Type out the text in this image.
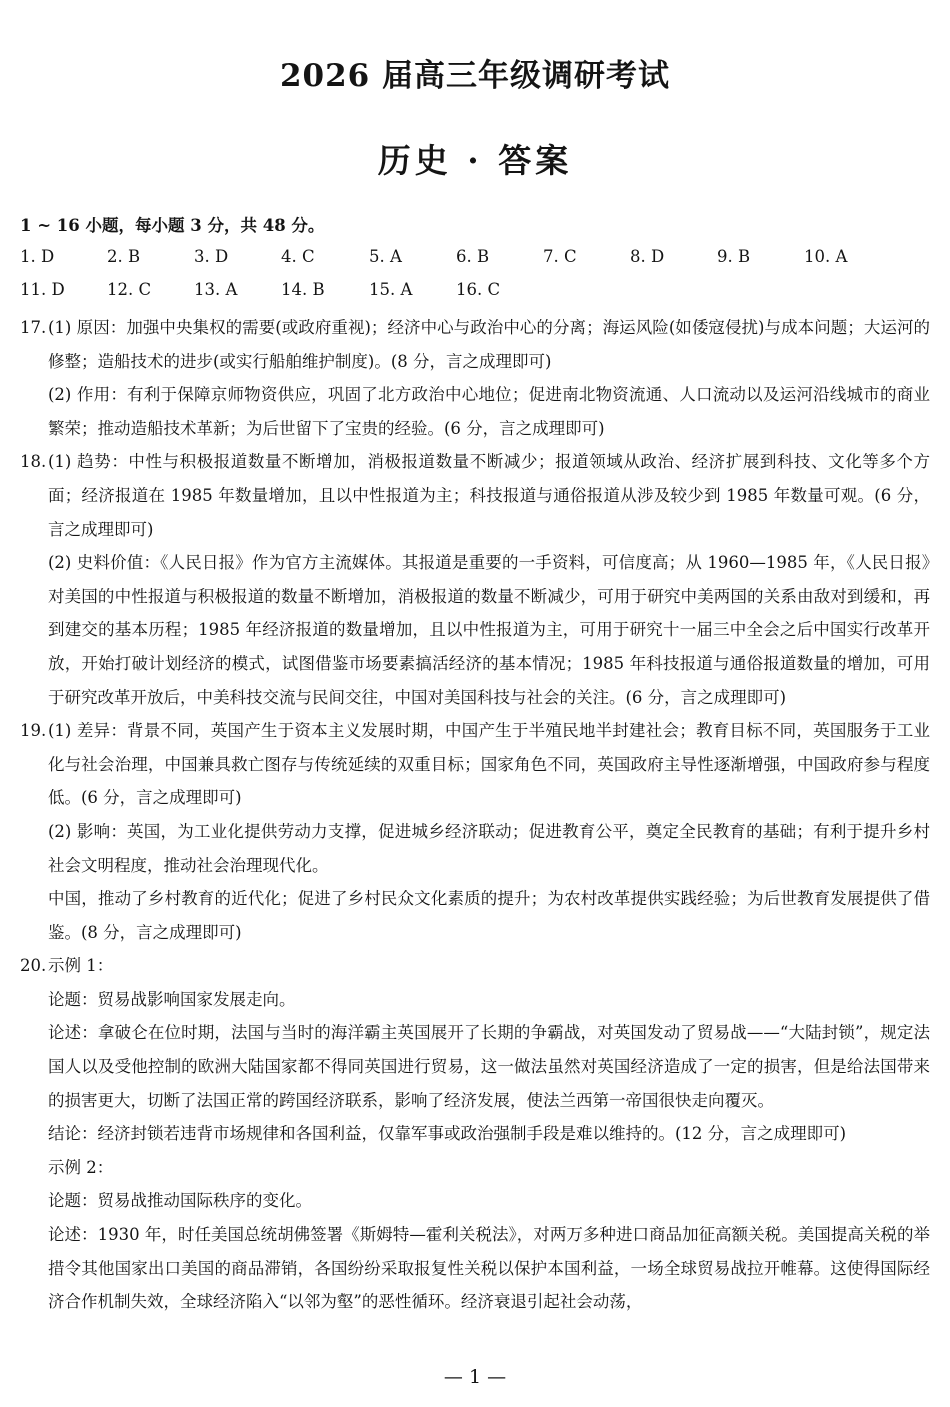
2026 届高三年级调研考试
历史 · 答案
1 ~ 16 小题，每小题 3 分，共 48 分。
1. D	2. B	3. D	4. C	5. A	6. B	7. C	8. D	9. B	10. A
11. D	12. C	13. A	14. B	15. A	16. C
17. (1) 原因：加强中央集权的需要(或政府重视)；经济中心与政治中心的分离；海运风险(如倭寇侵扰)与成本问题；大运河的修整；造船技术的进步(或实行船舶维护制度)。(8 分，言之成理即可)

(2) 作用：有利于保障京师物资供应，巩固了北方政治中心地位；促进南北物资流通、人口流动以及运河沿线城市的商业繁荣；推动造船技术革新；为后世留下了宝贵的经验。(6 分，言之成理即可)

18. (1) 趋势：中性与积极报道数量不断增加，消极报道数量不断减少；报道领域从政治、经济扩展到科技、文化等多个方面；经济报道在 1985 年数量增加，且以中性报道为主；科技报道与通俗报道从涉及较少到 1985 年数量可观。(6 分，言之成理即可)

(2) 史料价值：《人民日报》作为官方主流媒体。其报道是重要的一手资料，可信度高；从 1960—1985 年，《人民日报》对美国的中性报道与积极报道的数量不断增加，消极报道的数量不断减少，可用于研究中美两国的关系由敌对到缓和，再到建交的基本历程；1985 年经济报道的数量增加，且以中性报道为主，可用于研究十一届三中全会之后中国实行改革开放，开始打破计划经济的模式，试图借鉴市场要素搞活经济的基本情况；1985 年科技报道与通俗报道数量的增加，可用于研究改革开放后，中美科技交流与民间交往，中国对美国科技与社会的关注。(6 分，言之成理即可)

19. (1) 差异：背景不同，英国产生于资本主义发展时期，中国产生于半殖民地半封建社会；教育目标不同，英国服务于工业化与社会治理，中国兼具救亡图存与传统延续的双重目标；国家角色不同，英国政府主导性逐渐增强，中国政府参与程度低。(6 分，言之成理即可)

(2) 影响：英国，为工业化提供劳动力支撑，促进城乡经济联动；促进教育公平，奠定全民教育的基础；有利于提升乡村社会文明程度，推动社会治理现代化。

中国，推动了乡村教育的近代化；促进了乡村民众文化素质的提升；为农村改革提供实践经验；为后世教育发展提供了借鉴。(8 分，言之成理即可)

20. 示例 1：

论题：贸易战影响国家发展走向。

论述：拿破仑在位时期，法国与当时的海洋霸主英国展开了长期的争霸战，对英国发动了贸易战——“大陆封锁”，规定法国人以及受他控制的欧洲大陆国家都不得同英国进行贸易，这一做法虽然对英国经济造成了一定的损害，但是给法国带来的损害更大，切断了法国正常的跨国经济联系，影响了经济发展，使法兰西第一帝国很快走向覆灭。

结论：经济封锁若违背市场规律和各国利益，仅靠军事或政治强制手段是难以维持的。(12 分，言之成理即可)

示例 2：

论题：贸易战推动国际秩序的变化。

论述：1930 年，时任美国总统胡佛签署《斯姆特—霍利关税法》，对两万多种进口商品加征高额关税。美国提高关税的举措令其他国家出口美国的商品滞销，各国纷纷采取报复性关税以保护本国利益，一场全球贸易战拉开帷幕。这使得国际经济合作机制失效，全球经济陷入“以邻为壑”的恶性循环。经济衰退引起社会动荡，

— 1 —
